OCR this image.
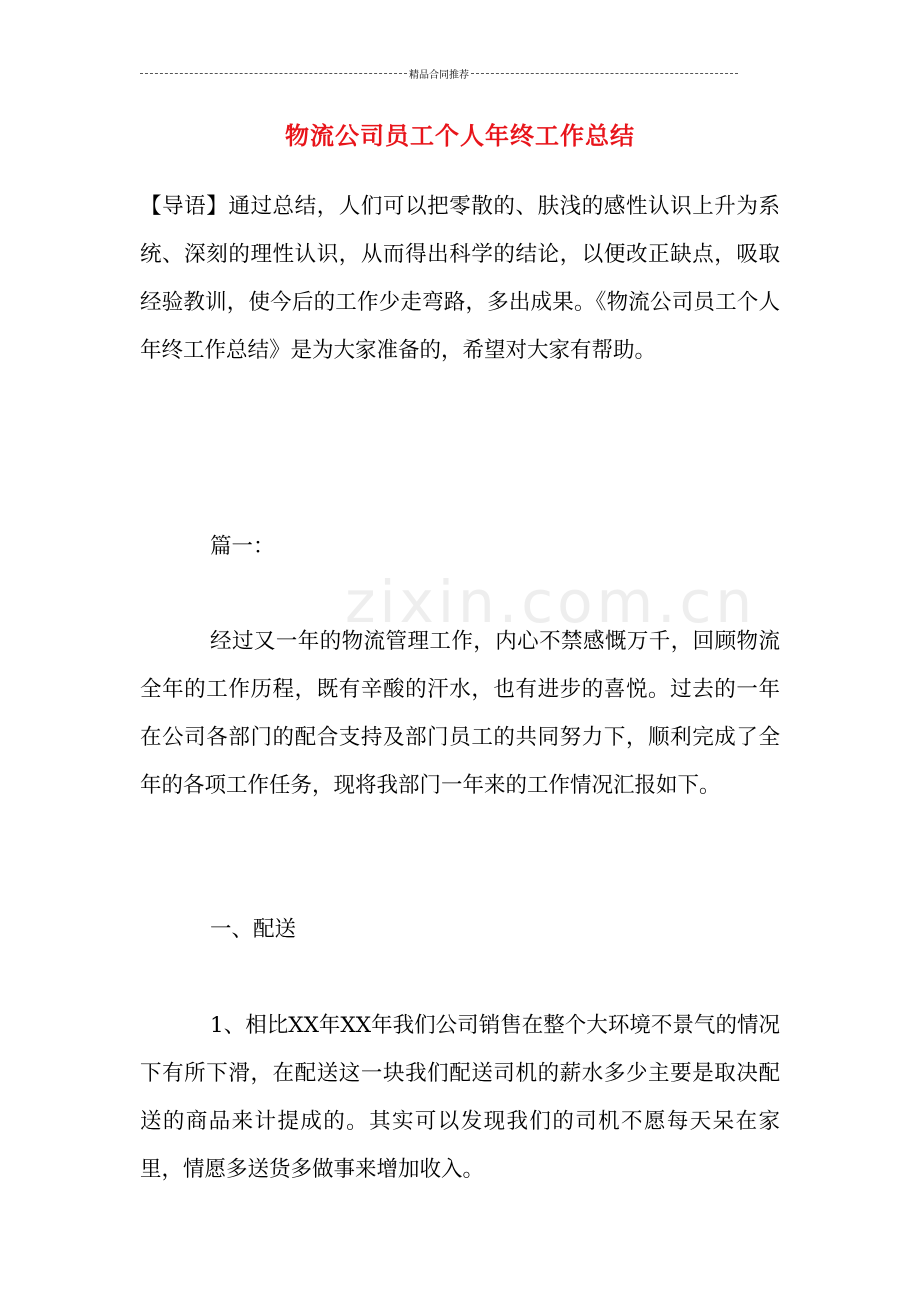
精品合同推荐
zixin.com.cn
物流公司员工个人年终工作总结

【导语】通过总结，人们可以把零散的、肤浅的感性认识上升为系统、深刻的理性认识，从而得出科学的结论，以便改正缺点，吸取经验教训，使今后的工作少走弯路，多出成果。《物流公司员工个人年终工作总结》是为大家准备的，希望对大家有帮助。

篇一：

经过又一年的物流管理工作，内心不禁感慨万千，回顾物流全年的工作历程，既有辛酸的汗水，也有进步的喜悦。过去的一年在公司各部门的配合支持及部门员工的共同努力下，顺利完成了全年的各项工作任务，现将我部门一年来的工作情况汇报如下。

一、配送

1、相比XX年XX年我们公司销售在整个大环境不景气的情况下有所下滑，在配送这一块我们配送司机的薪水多少主要是取决配送的商品来计提成的。其实可以发现我们的司机不愿每天呆在家里，情愿多送货多做事来增加收入。
